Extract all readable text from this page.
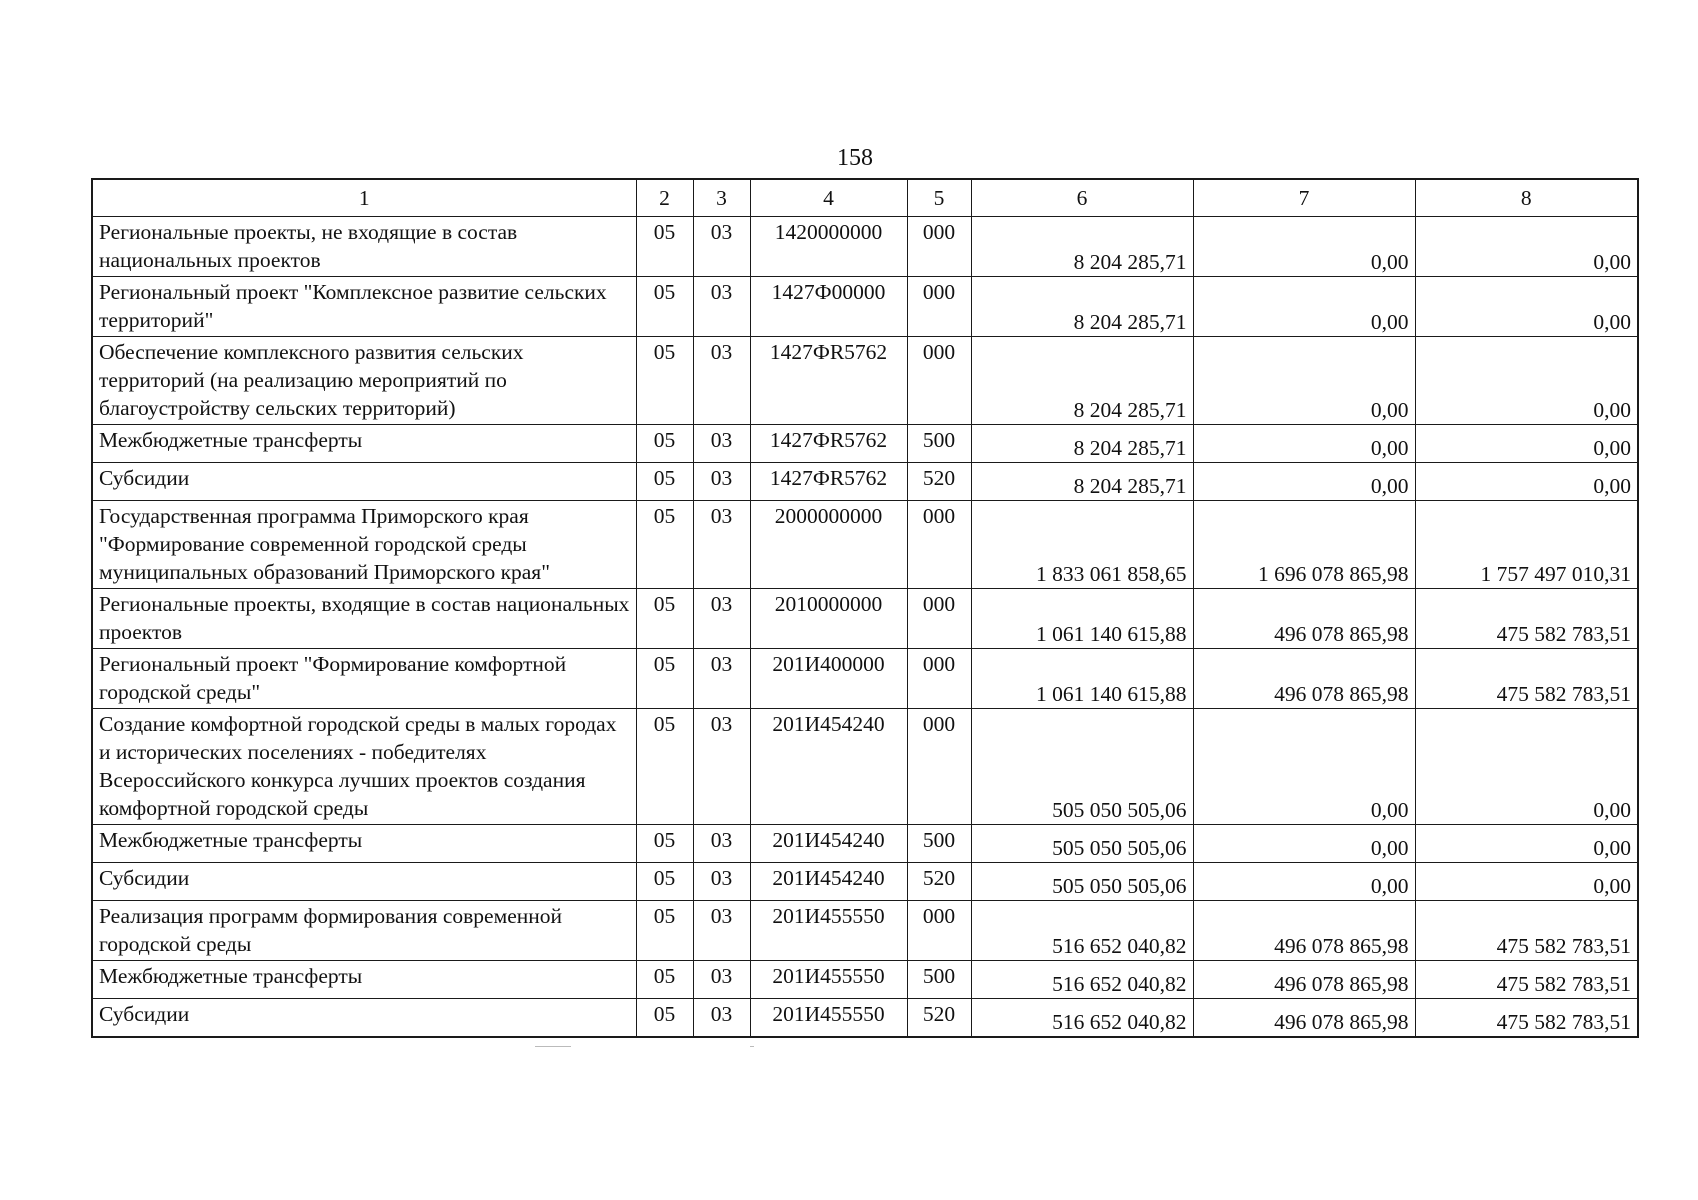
158
1	2	3	4	5	6	7	8
Региональные проекты, не входящие в состав национальных проектов	05	03	1420000000	000	8 204 285,71	0,00	0,00
Региональный проект "Комплексное развитие сельских территорий"	05	03	1427Ф00000	000	8 204 285,71	0,00	0,00
Обеспечение комплексного развития сельских территорий (на реализацию мероприятий по благоустройству сельских территорий)	05	03	1427ФR5762	000	8 204 285,71	0,00	0,00
Межбюджетные трансферты	05	03	1427ФR5762	500	8 204 285,71	0,00	0,00
Субсидии	05	03	1427ФR5762	520	8 204 285,71	0,00	0,00
Государственная программа Приморского края "Формирование современной городской среды муниципальных образований Приморского края"	05	03	2000000000	000	1 833 061 858,65	1 696 078 865,98	1 757 497 010,31
Региональные проекты, входящие в состав национальных проектов	05	03	2010000000	000	1 061 140 615,88	496 078 865,98	475 582 783,51
Региональный проект "Формирование комфортной городской среды"	05	03	201И400000	000	1 061 140 615,88	496 078 865,98	475 582 783,51
Создание комфортной городской среды в малых городах и исторических поселениях - победителях Всероссийского конкурса лучших проектов создания комфортной городской среды	05	03	201И454240	000	505 050 505,06	0,00	0,00
Межбюджетные трансферты	05	03	201И454240	500	505 050 505,06	0,00	0,00
Субсидии	05	03	201И454240	520	505 050 505,06	0,00	0,00
Реализация программ формирования современной городской среды	05	03	201И455550	000	516 652 040,82	496 078 865,98	475 582 783,51
Межбюджетные трансферты	05	03	201И455550	500	516 652 040,82	496 078 865,98	475 582 783,51
Субсидии	05	03	201И455550	520	516 652 040,82	496 078 865,98	475 582 783,51
